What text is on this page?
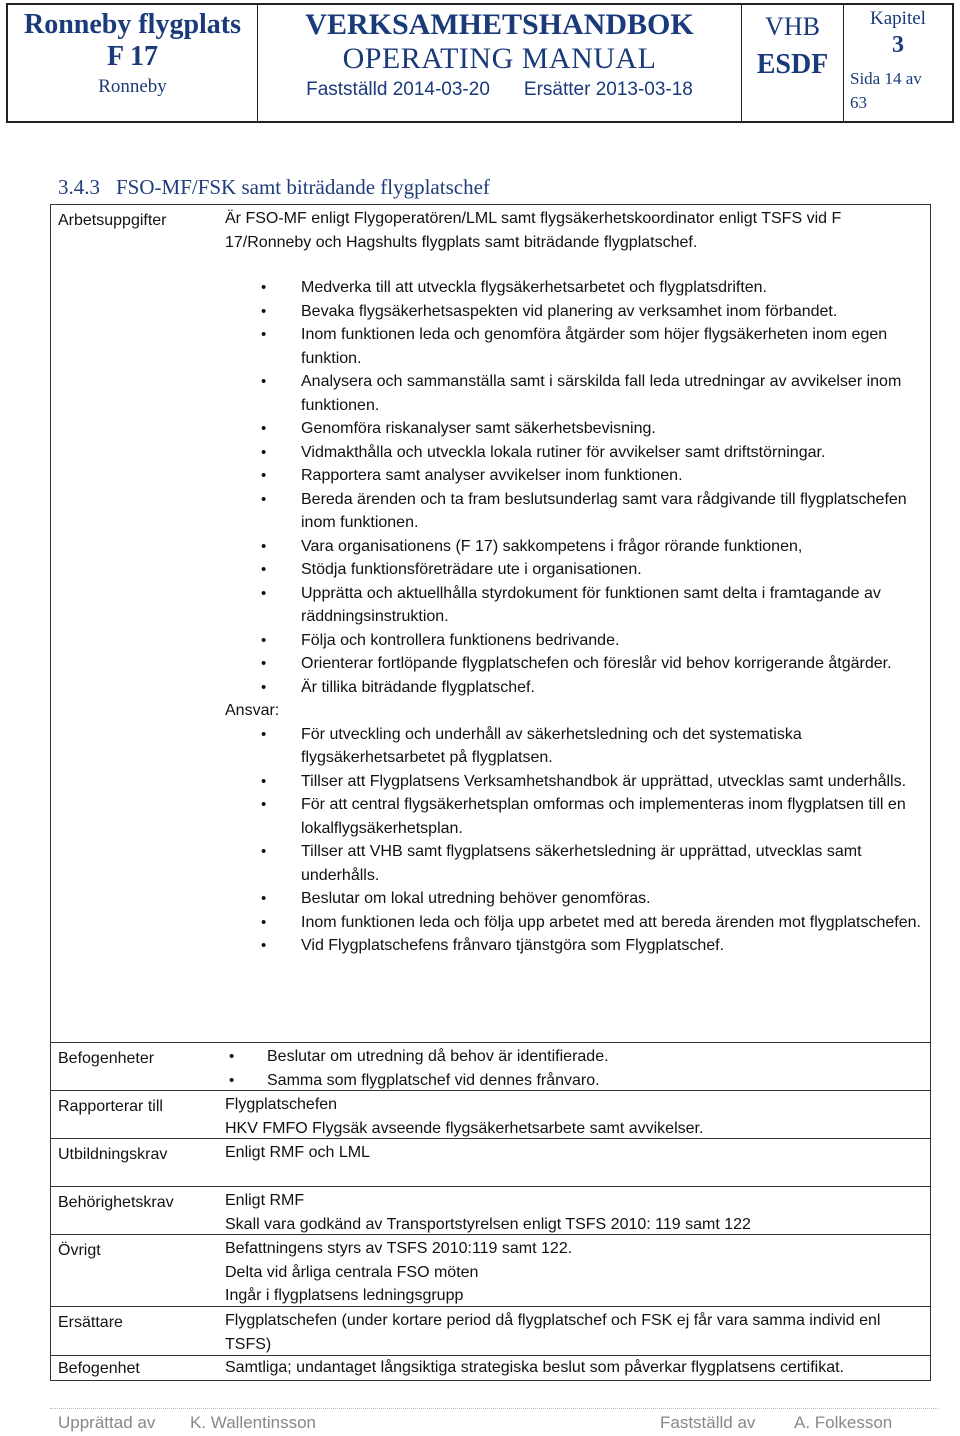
Ronneby flygplats
F 17
Ronneby
VERKSAMHETSHANDBOK
OPERATING MANUAL
Fastställd 2014-03-20 Ersätter 2013-03-18
VHB
ESDF
Kapitel
3
Sida 14 av
63
3.4.3 FSO-MF/FSK samt biträdande flygplatschef
Arbetsuppgifter	Är FSO-MF enligt Flygoperatören/LML samt flygsäkerhetskoordinator enligt TSFS vid F 17/Ronneby och Hagshults flygplats samt biträdande flygplatschef.

• Medverka till att utveckla flygsäkerhetsarbetet och flygplatsdriften.
• Bevaka flygsäkerhetsaspekten vid planering av verksamhet inom förbandet.
• Inom funktionen leda och genomföra åtgärder som höjer flygsäkerheten inom egen funktion.
• Analysera och sammanställa samt i särskilda fall leda utredningar av avvikelser inom funktionen.
• Genomföra riskanalyser samt säkerhetsbevisning.
• Vidmakthålla och utveckla lokala rutiner för avvikelser samt driftstörningar.
• Rapportera samt analyser avvikelser inom funktionen.
• Bereda ärenden och ta fram beslutsunderlag samt vara rådgivande till flygplatschefen inom funktionen.
• Vara organisationens (F 17) sakkompetens i frågor rörande funktionen,
• Stödja funktionsföreträdare ute i organisationen.
• Upprätta och aktuellhålla styrdokument för funktionen samt delta i framtagande av räddningsinstruktion.
• Följa och kontrollera funktionens bedrivande.
• Orienterar fortlöpande flygplatschefen och föreslår vid behov korrigerande åtgärder.
• Är tillika biträdande flygplatschef.

Ansvar:

• För utveckling och underhåll av säkerhetsledning och det systematiska flygsäkerhetsarbetet på flygplatsen.
• Tillser att Flygplatsens Verksamhetshandbok är upprättad, utvecklas samt underhålls.
• För att central flygsäkerhetsplan omformas och implementeras inom flygplatsen till en lokalflygsäkerhetsplan.
• Tillser att VHB samt flygplatsens säkerhetsledning är upprättad, utvecklas samt underhålls.
• Beslutar om lokal utredning behöver genomföras.
• Inom funktionen leda och följa upp arbetet med att bereda ärenden mot flygplatschefen.
• Vid Flygplatschefens frånvaro tjänstgöra som Flygplatschef.
Befogenheter
•	Beslutar om utredning då behov är identifierade.
• Samma som flygplatschef vid dennes frånvaro.
Rapporterar till	Flygplatschefen

HKV FMFO Flygsäk avseende flygsäkerhetsarbete samt avvikelser.

Utbildningskrav	Enligt RMF och LML

Behörighetskrav	Enligt RMF

Skall vara godkänd av Transportstyrelsen enligt TSFS 2010: 119 samt 122

Övrigt	Befattningens styrs av TSFS 2010:119 samt 122.

Delta vid årliga centrala FSO möten

Ingår i flygplatsens ledningsgrupp

Ersättare	Flygplatschefen (under kortare period då flygplatschef och FSK ej får vara samma individ enl TSFS)

Befogenhet	Samtliga; undantaget långsiktiga strategiska beslut som påverkar flygplatsens certifikat.

Upprättad av K. Wallentinsson	Fastställd av A. Folkesson
